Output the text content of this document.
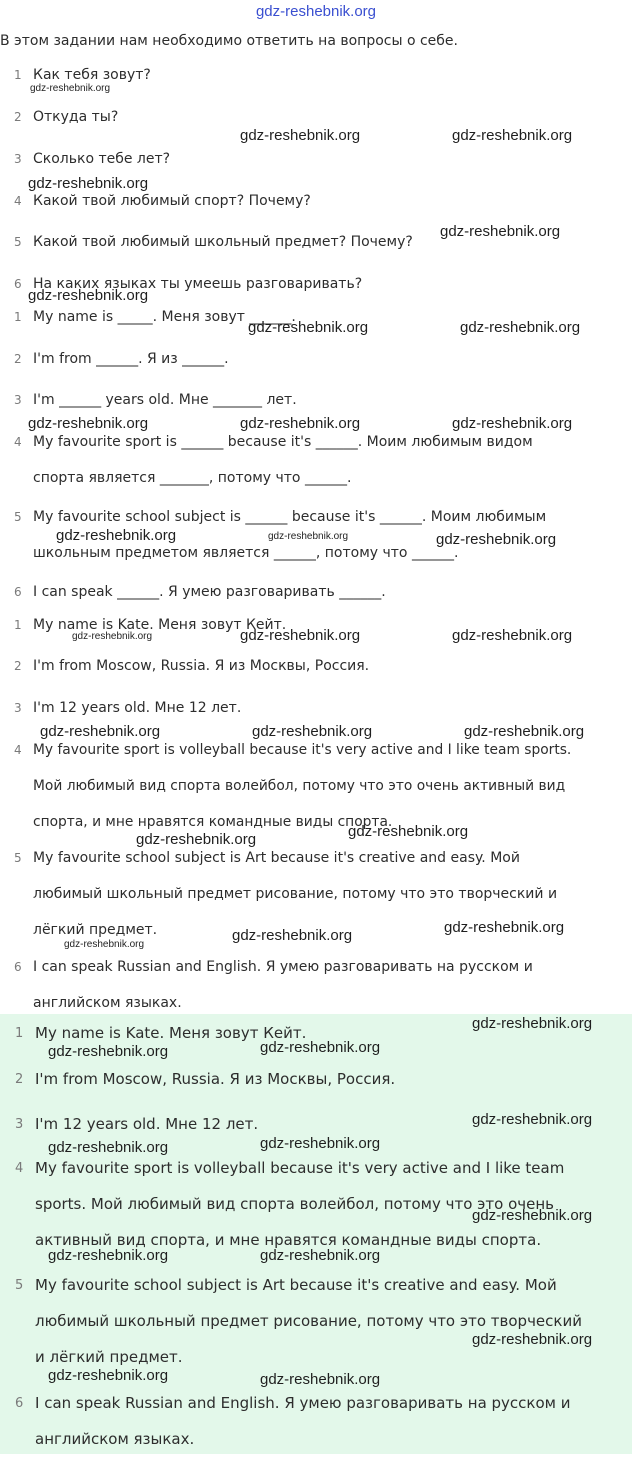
gdz-reshebnik.org
В этом задании нам необходимо ответить на вопросы о себе.
1 Как тебя зовут?
2 Откуда ты?
3 Сколько тебе лет?
4 Какой твой любимый спорт? Почему?
5 Какой твой любимый школьный предмет? Почему?
6 На каких языках ты умеешь разговаривать?
1 My name is _____. Меня зовут ______.
2 I'm from ______. Я из ______.
3 I'm ______ years old. Мне _______ лет.
4 My favourite sport is ______ because it's ______. Моим любимым видом
спорта является _______, потому что ______.
5 My favourite school subject is ______ because it's ______. Моим любимым
школьным предметом является ______, потому что ______.
6 I can speak ______. Я умею разговаривать ______.
1 My name is Kate. Меня зовут Кейт.
2 I'm from Moscow, Russia. Я из Москвы, Россия.
3 I'm 12 years old. Мне 12 лет.
4 My favourite sport is volleyball because it's very active and I like team sports.
Мой любимый вид спорта волейбол, потому что это очень активный вид
спорта, и мне нравятся командные виды спорта.
5 My favourite school subject is Art because it's creative and easy. Мой
любимый школьный предмет рисование, потому что это творческий и
лёгкий предмет.
6 I can speak Russian and English. Я умею разговаривать на русском и
английском языках.
1 My name is Kate. Меня зовут Кейт.
2 I'm from Moscow, Russia. Я из Москвы, Россия.
3 I'm 12 years old. Мне 12 лет.
4 My favourite sport is volleyball because it's very active and I like team
sports. Мой любимый вид спорта волейбол, потому что это очень
активный вид спорта, и мне нравятся командные виды спорта.
5 My favourite school subject is Art because it's creative and easy. Мой
любимый школьный предмет рисование, потому что это творческий
и лёгкий предмет.
6 I can speak Russian and English. Я умею разговаривать на русском и
английском языках.
gdz-reshebnik.org
gdz-reshebnik.org	gdz-reshebnik.org
gdz-reshebnik.org
gdz-reshebnik.org
gdz-reshebnik.org
gdz-reshebnik.org	gdz-reshebnik.org
gdz-reshebnik.org	gdz-reshebnik.org	gdz-reshebnik.org
gdz-reshebnik.org	gdz-reshebnik.org	gdz-reshebnik.org
gdz-reshebnik.org	gdz-reshebnik.org	gdz-reshebnik.org
gdz-reshebnik.org	gdz-reshebnik.org	gdz-reshebnik.org
gdz-reshebnik.org	gdz-reshebnik.org
gdz-reshebnik.org	gdz-reshebnik.org
gdz-reshebnik.org
gdz-reshebnik.org
gdz-reshebnik.org	gdz-reshebnik.org
gdz-reshebnik.org
gdz-reshebnik.org	gdz-reshebnik.org
gdz-reshebnik.org
gdz-reshebnik.org	gdz-reshebnik.org
gdz-reshebnik.org
gdz-reshebnik.org
gdz-reshebnik.org
